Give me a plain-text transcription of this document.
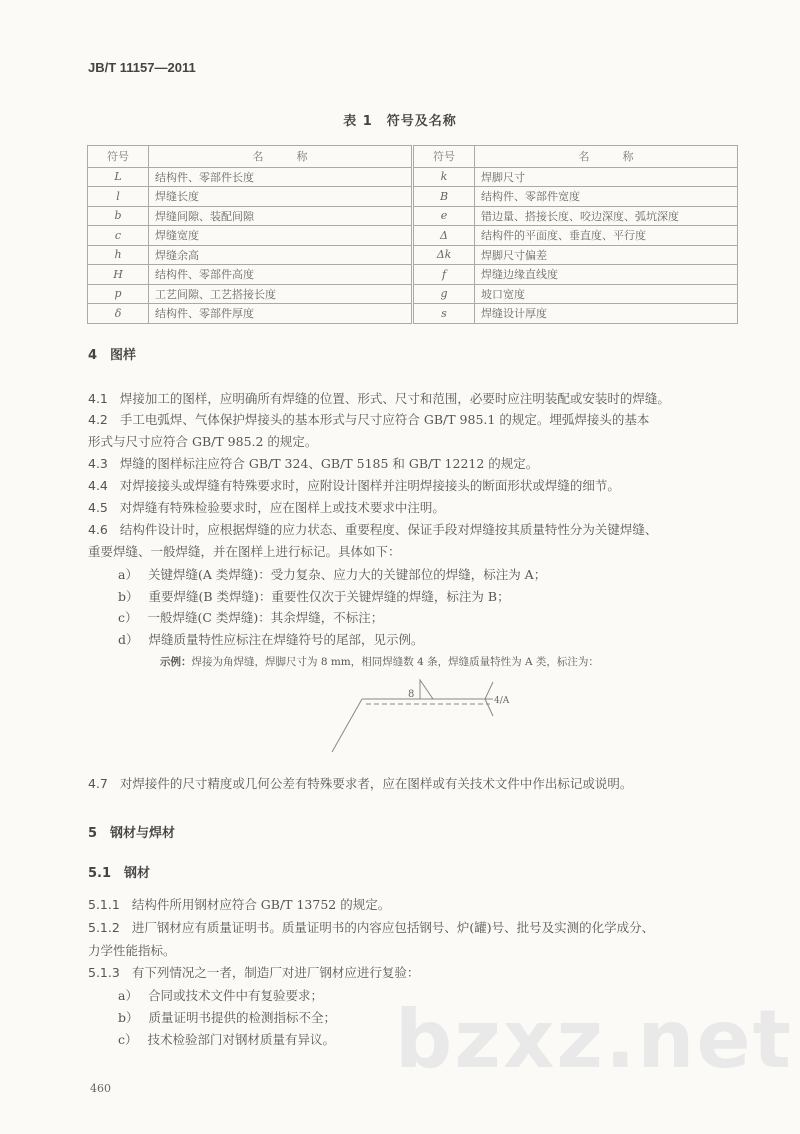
JB/T 11157—2011
表 1　符号及名称
符号	名　　　称		符号	名　　　称
L	结构件、零部件长度		k	焊脚尺寸
l	焊缝长度		B	结构件、零部件宽度
b	焊缝间隙、装配间隙		e	错边量、搭接长度、咬边深度、弧坑深度
c	焊缝宽度		Δ	结构件的平面度、垂直度、平行度
h	焊缝余高		Δk	焊脚尺寸偏差
H	结构件、零部件高度		f	焊缝边缘直线度
p	工艺间隙、工艺搭接长度		g	坡口宽度
δ	结构件、零部件厚度		s	焊缝设计厚度
4　图样
4.1 焊接加工的图样，应明确所有焊缝的位置、形式、尺寸和范围，必要时应注明装配或安装时的焊缝。
4.2 手工电弧焊、气体保护焊接头的基本形式与尺寸应符合 GB/T 985.1 的规定。埋弧焊接头的基本
形式与尺寸应符合 GB/T 985.2 的规定。
4.3 焊缝的图样标注应符合 GB/T 324、GB/T 5185 和 GB/T 12212 的规定。
4.4 对焊接接头或焊缝有特殊要求时，应附设计图样并注明焊接接头的断面形状或焊缝的细节。
4.5 对焊缝有特殊检验要求时，应在图样上或技术要求中注明。
4.6 结构件设计时，应根据焊缝的应力状态、重要程度、保证手段对焊缝按其质量特性分为关键焊缝、
重要焊缝、一般焊缝，并在图样上进行标记。具体如下：
a） 关键焊缝(A 类焊缝)：受力复杂、应力大的关键部位的焊缝，标注为 A；
b） 重要焊缝(B 类焊缝)：重要性仅次于关键焊缝的焊缝，标注为 B；
c） 一般焊缝(C 类焊缝)：其余焊缝，不标注；
d） 焊缝质量特性应标注在焊缝符号的尾部，见示例。
示例：焊接为角焊缝，焊脚尺寸为 8 mm，相同焊缝数 4 条，焊缝质量特性为 A 类，标注为：
8
4/A
4.7 对焊接件的尺寸精度或几何公差有特殊要求者，应在图样或有关技术文件中作出标记或说明。
5　钢材与焊材
5.1　钢材
5.1.1 结构件所用钢材应符合 GB/T 13752 的规定。
5.1.2 进厂钢材应有质量证明书。质量证明书的内容应包括钢号、炉(罐)号、批号及实测的化学成分、
力学性能指标。
5.1.3 有下列情况之一者，制造厂对进厂钢材应进行复验：
bzxz.net
a） 合同或技术文件中有复验要求；
b） 质量证明书提供的检测指标不全；
c） 技术检验部门对钢材质量有异议。
460
